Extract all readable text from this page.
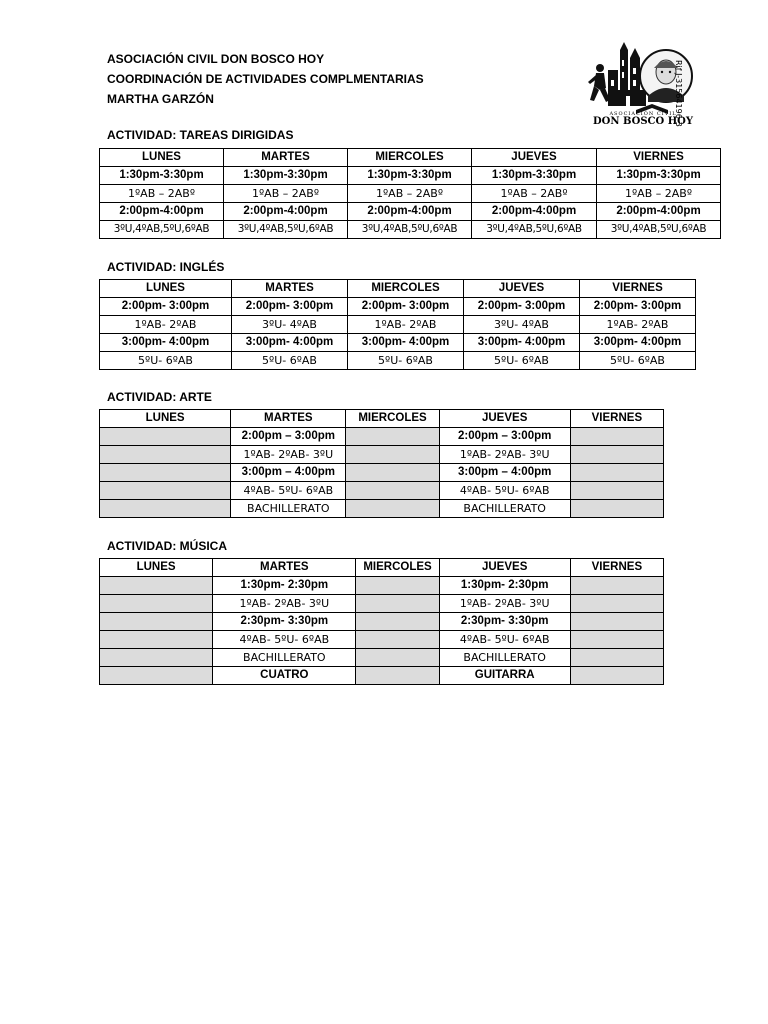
ASOCIACIÓN CIVIL DON BOSCO HOY
COORDINACIÓN DE ACTIVIDADES COMPLMENTARIAS
MARTHA GARZÓN
ASOCIACIÓN CIVIL
DON BOSCO HOY
Rif J-31564196-3
ACTIVIDAD: TAREAS DIRIGIDAS
LUNES	MARTES	MIERCOLES	JUEVES	VIERNES
1:30pm-3:30pm	1:30pm-3:30pm	1:30pm-3:30pm	1:30pm-3:30pm	1:30pm-3:30pm
1ºAB – 2ABº	1ºAB – 2ABº	1ºAB – 2ABº	1ºAB – 2ABº	1ºAB – 2ABº
2:00pm-4:00pm	2:00pm-4:00pm	2:00pm-4:00pm	2:00pm-4:00pm	2:00pm-4:00pm
3ºU,4ºAB,5ºU,6ºAB	3ºU,4ºAB,5ºU,6ºAB	3ºU,4ºAB,5ºU,6ºAB	3ºU,4ºAB,5ºU,6ºAB	3ºU,4ºAB,5ºU,6ºAB
ACTIVIDAD: INGLÉS
LUNES	MARTES	MIERCOLES	JUEVES	VIERNES
2:00pm- 3:00pm	2:00pm- 3:00pm	2:00pm- 3:00pm	2:00pm- 3:00pm	2:00pm- 3:00pm
1ºAB- 2ºAB	3ºU- 4ºAB	1ºAB- 2ºAB	3ºU- 4ºAB	1ºAB- 2ºAB
3:00pm- 4:00pm	3:00pm- 4:00pm	3:00pm- 4:00pm	3:00pm- 4:00pm	3:00pm- 4:00pm
5ºU- 6ºAB	5ºU- 6ºAB	5ºU- 6ºAB	5ºU- 6ºAB	5ºU- 6ºAB
ACTIVIDAD: ARTE
LUNES	MARTES	MIERCOLES	JUEVES	VIERNES
	2:00pm – 3:00pm		2:00pm – 3:00pm	
	1ºAB- 2ºAB- 3ºU		1ºAB- 2ºAB- 3ºU	
	3:00pm – 4:00pm		3:00pm – 4:00pm	
	4ºAB- 5ºU- 6ºAB		4ºAB- 5ºU- 6ºAB	
	BACHILLERATO		BACHILLERATO	
ACTIVIDAD: MÚSICA
LUNES	MARTES	MIERCOLES	JUEVES	VIERNES
	1:30pm- 2:30pm		1:30pm- 2:30pm	
	1ºAB- 2ºAB- 3ºU		1ºAB- 2ºAB- 3ºU	
	2:30pm- 3:30pm		2:30pm- 3:30pm	
	4ºAB- 5ºU- 6ºAB		4ºAB- 5ºU- 6ºAB	
	BACHILLERATO		BACHILLERATO	
	CUATRO		GUITARRA	
